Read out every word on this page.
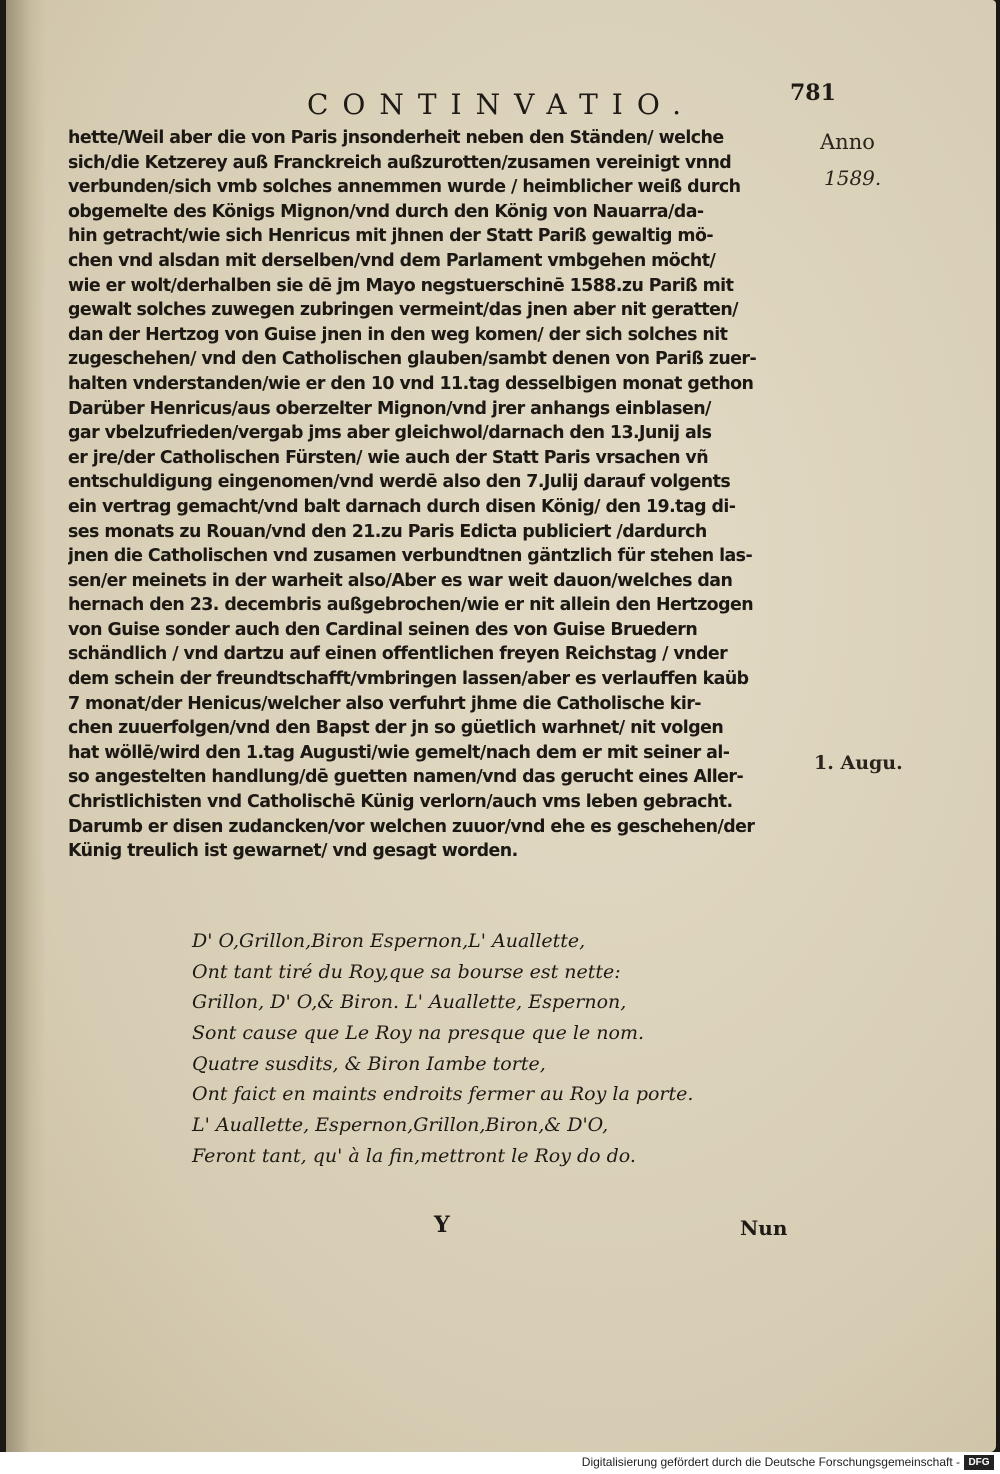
CONTINVATIO.	781
Anno
1589.
1. Augu.
hette/Weil aber die von Paris jnsonderheit neben den Ständen/ welche
sich/die Ketzerey auß Franckreich außzurotten/zusamen vereinigt vnnd
verbunden/sich vmb solches annemmen wurde / heimblicher weiß durch
obgemelte des Königs Mignon/vnd durch den König von Nauarra/da-
hin getracht/wie sich Henricus mit jhnen der Statt Pariß gewaltig mö-
chen vnd alsdan mit derselben/vnd dem Parlament vmbgehen möcht/
wie er wolt/derhalben sie dē jm Mayo negstuerschinē 1588.zu Pariß mit
gewalt solches zuwegen zubringen vermeint/das jnen aber nit geratten/
dan der Hertzog von Guise jnen in den weg komen/ der sich solches nit
zugeschehen/ vnd den Catholischen glauben/sambt denen von Pariß zuer-
halten vnderstanden/wie er den 10 vnd 11.tag desselbigen monat gethon
Darüber Henricus/aus oberzelter Mignon/vnd jrer anhangs einblasen/
gar vbelzufrieden/vergab jms aber gleichwol/darnach den 13.Junij als
er jre/der Catholischen Fürsten/ wie auch der Statt Paris vrsachen vñ
entschuldigung eingenomen/vnd werdē also den 7.Julij darauf volgents
ein vertrag gemacht/vnd balt darnach durch disen König/ den 19.tag di-
ses monats zu Rouan/vnd den 21.zu Paris Edicta publiciert /dardurch
jnen die Catholischen vnd zusamen verbundtnen gäntzlich für stehen las-
sen/er meinets in der warheit also/Aber es war weit dauon/welches dan
hernach den 23. decembris außgebrochen/wie er nit allein den Hertzogen
von Guise sonder auch den Cardinal seinen des von Guise Bruedern
schändlich / vnd dartzu auf einen offentlichen freyen Reichstag / vnder
dem schein der freundtschafft/vmbringen lassen/aber es verlauffen kaüb
7 monat/der Henicus/welcher also verfuhrt jhme die Catholische kir-
chen zuuerfolgen/vnd den Bapst der jn so güetlich warhnet/ nit volgen
hat wöllē/wird den 1.tag Augusti/wie gemelt/nach dem er mit seiner al-
so angestelten handlung/dē guetten namen/vnd das gerucht eines Aller-
Christlichisten vnd Catholischē Künig verlorn/auch vms leben gebracht.
Darumb er disen zudancken/vor welchen zuuor/vnd ehe es geschehen/der
Künig treulich ist gewarnet/ vnd gesagt worden.
D' O,Grillon,Biron Espernon,L' Auallette,
Ont tant tiré du Roy,que sa bourse est nette:
Grillon, D' O,& Biron. L' Auallette, Espernon,
Sont cause que Le Roy na presque que le nom.
Quatre susdits, & Biron Iambe torte,
Ont faict en maints endroits fermer au Roy la porte.
L' Auallette, Espernon,Grillon,Biron,& D'O,
Feront tant, qu' à la fin,mettront le Roy do do.
Y	Nun
Digitalisierung gefördert durch die Deutsche Forschungsgemeinschaft - DFG
